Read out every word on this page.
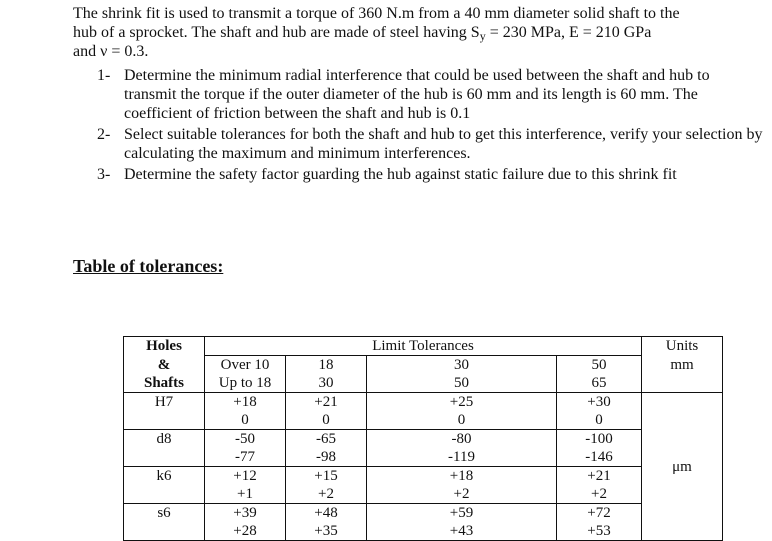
The shrink fit is used to transmit a torque of 360 N.m from a 40 mm diameter solid shaft to the

hub of a sprocket. The shaft and hub are made of steel having $S_y = 230$ MPa, E = 210 GPa

and ν = 0.3.

1- Determine the minimum radial interference that could be used between the shaft and hub to transmit the torque if the outer diameter of the hub is 60 mm and its length is 60 mm. The coefficient of friction between the shaft and hub is 0.1
2- Select suitable tolerances for both the shaft and hub to get this interference, verify your selection by calculating the maximum and minimum interferences.
3- Determine the safety factor guarding the hub against static failure due to this shrink fit
Table of tolerances:
Holes	Limit Tolerances				Units
&	Over 10	18	30	50	mm
Shafts	Up to 18	30	50	65	
H7	+18	+21	+25	+30	μm
	0	0	0	0	
d8	-50	-65	-80	-100	
	-77	-98	-119	-146	
k6	+12	+15	+18	+21	
	+1	+2	+2	+2	
s6	+39	+48	+59	+72	
	+28	+35	+43	+53	
